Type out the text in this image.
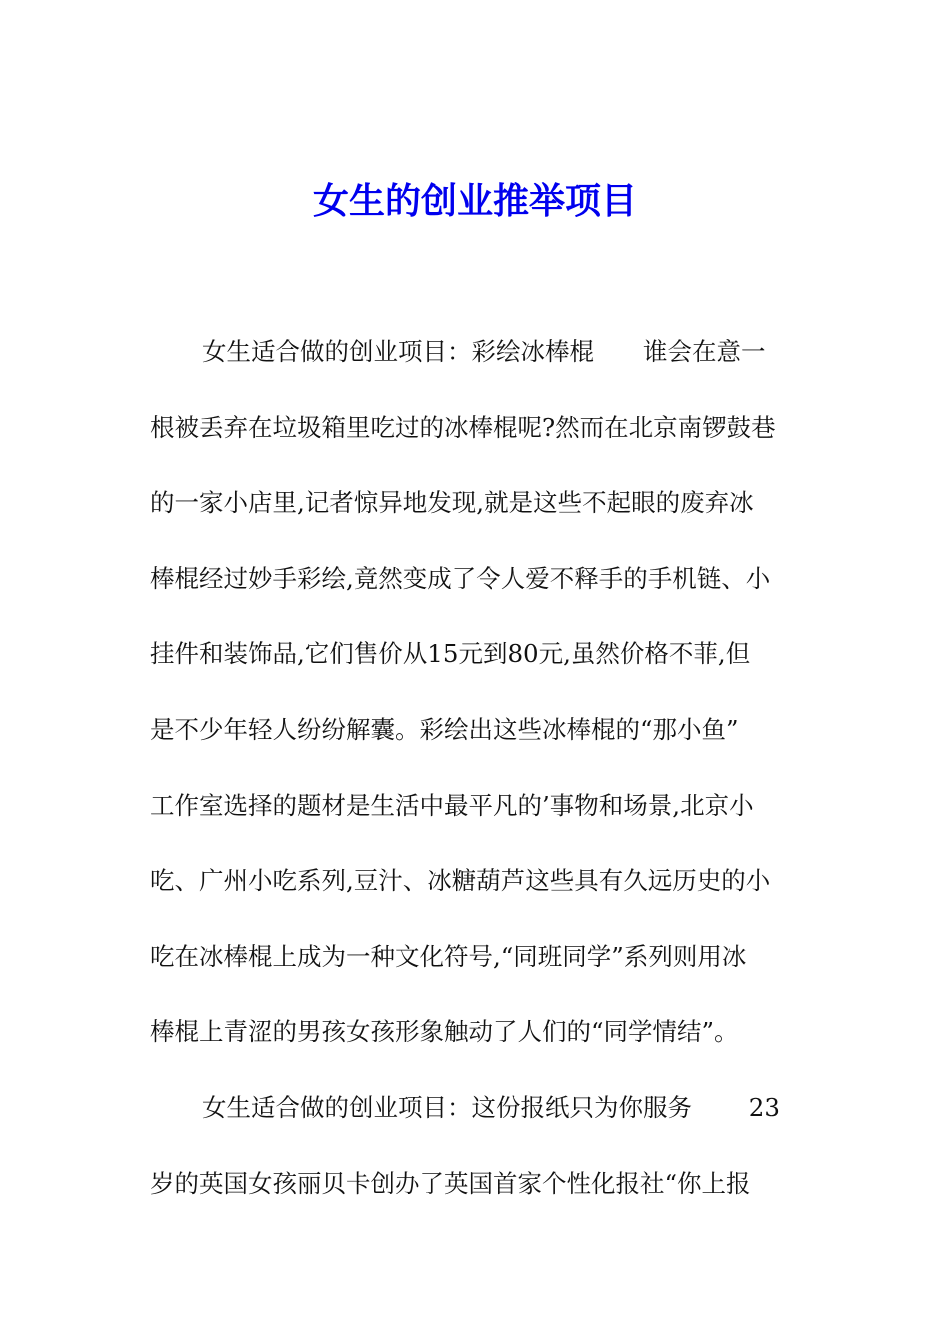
女生的创业推举项目
女生适合做的创业项目：彩绘冰棒棍　　谁会在意一
根被丢弃在垃圾箱里吃过的冰棒棍呢?然而在北京南锣鼓巷
的一家小店里,记者惊异地发现,就是这些不起眼的废弃冰
棒棍经过妙手彩绘,竟然变成了令人爱不释手的手机链、小
挂件和装饰品,它们售价从15元到80元,虽然价格不菲,但
是不少年轻人纷纷解囊。彩绘出这些冰棒棍的“那小鱼”
工作室选择的题材是生活中最平凡的’事物和场景,北京小
吃、广州小吃系列,豆汁、冰糖葫芦这些具有久远历史的小
吃在冰棒棍上成为一种文化符号,“同班同学”系列则用冰
棒棍上青涩的男孩女孩形象触动了人们的“同学情结”。
女生适合做的创业项目：这份报纸只为你服务　　 23
岁的英国女孩丽贝卡创办了英国首家个性化报社“你上报
